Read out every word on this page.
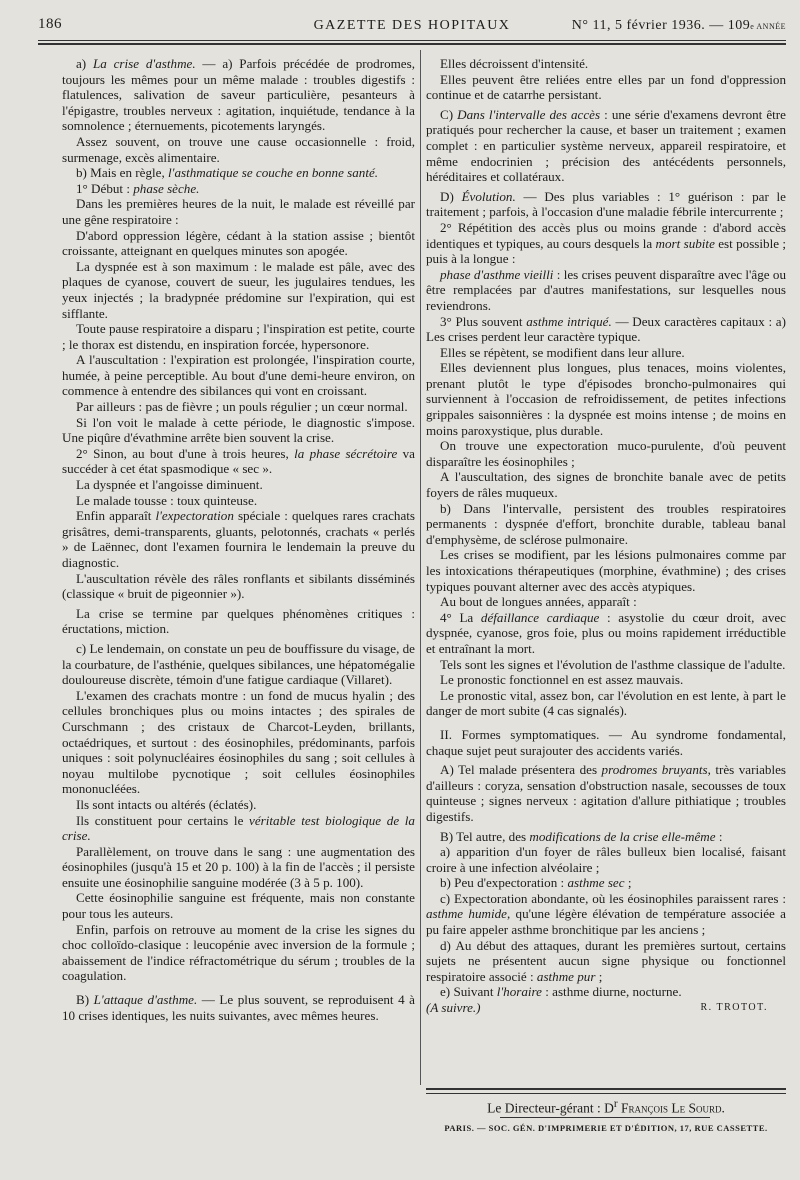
186	GAZETTE DES HOPITAUX	N° 11, 5 février 1936. — 109e ANNÉE

a) La crise d'asthme. — a) Parfois précédée de prodromes, toujours les mêmes pour un même malade : troubles digestifs : flatulences, salivation de saveur particulière, pesanteurs à l'épigastre, troubles nerveux : agitation, inquiétude, tendance à la somnolence ; éternuements, picotements laryngés.

Assez souvent, on trouve une cause occasionnelle : froid, surmenage, excès alimentaire.

b) Mais en règle, l'asthmatique se couche en bonne santé.

1° Début : phase sèche.

Dans les premières heures de la nuit, le malade est réveillé par une gêne respiratoire :

D'abord oppression légère, cédant à la station assise ; bientôt croissante, atteignant en quelques minutes son apogée.

La dyspnée est à son maximum : le malade est pâle, avec des plaques de cyanose, couvert de sueur, les jugulaires tendues, les yeux injectés ; la bradypnée prédomine sur l'expiration, qui est sifflante.

Toute pause respiratoire a disparu ; l'inspiration est petite, courte ; le thorax est distendu, en inspiration forcée, hypersonore.

A l'auscultation : l'expiration est prolongée, l'inspiration courte, humée, à peine perceptible. Au bout d'une demi-heure environ, on commence à entendre des sibilances qui vont en croissant.

Par ailleurs : pas de fièvre ; un pouls régulier ; un cœur normal.

Si l'on voit le malade à cette période, le diagnostic s'impose. Une piqûre d'évathmine arrête bien souvent la crise.

2° Sinon, au bout d'une à trois heures, la phase sécrétoire va succéder à cet état spasmodique « sec ».

La dyspnée et l'angoisse diminuent.

Le malade tousse : toux quinteuse.

Enfin apparaît l'expectoration spéciale : quelques rares crachats grisâtres, demi-transparents, gluants, pelotonnés, crachats « perlés » de Laënnec, dont l'examen fournira le lendemain la preuve du diagnostic.

L'auscultation révèle des râles ronflants et sibilants disséminés (classique « bruit de pigeonnier »).

La crise se termine par quelques phénomènes critiques : éructations, miction.

c) Le lendemain, on constate un peu de bouffissure du visage, de la courbature, de l'asthénie, quelques sibilances, une hépatomégalie douloureuse discrète, témoin d'une fatigue cardiaque (Villaret).

L'examen des crachats montre : un fond de mucus hyalin ; des cellules bronchiques plus ou moins intactes ; des spirales de Curschmann ; des cristaux de Charcot-Leyden, brillants, octaédriques, et surtout : des éosinophiles, prédominants, parfois uniques : soit polynucléaires éosinophiles du sang ; soit cellules à noyau multilobe pycnotique ; soit cellules éosinophiles mononucléées.

Ils sont intacts ou altérés (éclatés).

Ils constituent pour certains le véritable test biologique de la crise.

Parallèlement, on trouve dans le sang : une augmentation des éosinophiles (jusqu'à 15 et 20 p. 100) à la fin de l'accès ; il persiste ensuite une éosinophilie sanguine modérée (3 à 5 p. 100).

Cette éosinophilie sanguine est fréquente, mais non constante pour tous les auteurs.

Enfin, parfois on retrouve au moment de la crise les signes du choc colloïdo-clasique : leucopénie avec inversion de la formule ; abaissement de l'indice réfractométrique du sérum ; troubles de la coagulation.

B) L'attaque d'asthme. — Le plus souvent, se reproduisent 4 à 10 crises identiques, les nuits suivantes, avec mêmes heures.

Elles décroissent d'intensité.

Elles peuvent être reliées entre elles par un fond d'oppression continue et de catarrhe persistant.

C) Dans l'intervalle des accès : une série d'examens devront être pratiqués pour rechercher la cause, et baser un traitement ; examen complet : en particulier système nerveux, appareil respiratoire, et même endocrinien ; précision des antécédents personnels, héréditaires et collatéraux.

D) Évolution. — Des plus variables : 1° guérison : par le traitement ; parfois, à l'occasion d'une maladie fébrile intercurrente ;

2° Répétition des accès plus ou moins grande : d'abord accès identiques et typiques, au cours desquels la mort subite est possible ; puis à la longue :

phase d'asthme vieilli : les crises peuvent disparaître avec l'âge ou être remplacées par d'autres manifestations, sur lesquelles nous reviendrons.

3° Plus souvent asthme intriqué. — Deux caractères capitaux : a) Les crises perdent leur caractère typique.

Elles se répètent, se modifient dans leur allure.

Elles deviennent plus longues, plus tenaces, moins violentes, prenant plutôt le type d'épisodes broncho-pulmonaires qui surviennent à l'occasion de refroidissement, de petites infections grippales saisonnières : la dyspnée est moins intense ; de moins en moins paroxystique, plus durable.

On trouve une expectoration muco-purulente, d'où peuvent disparaître les éosinophiles ;

A l'auscultation, des signes de bronchite banale avec de petits foyers de râles muqueux.

b) Dans l'intervalle, persistent des troubles respiratoires permanents : dyspnée d'effort, bronchite durable, tableau banal d'emphysème, de sclérose pulmonaire.

Les crises se modifient, par les lésions pulmonaires comme par les intoxications thérapeutiques (morphine, évathmine) ; des crises typiques pouvant alterner avec des accès atypiques.

Au bout de longues années, apparaît :

4° La défaillance cardiaque : asystolie du cœur droit, avec dyspnée, cyanose, gros foie, plus ou moins rapidement irréductible et entraînant la mort.

Tels sont les signes et l'évolution de l'asthme classique de l'adulte.

Le pronostic fonctionnel en est assez mauvais.

Le pronostic vital, assez bon, car l'évolution en est lente, à part le danger de mort subite (4 cas signalés).

II. Formes symptomatiques. — Au syndrome fondamental, chaque sujet peut surajouter des accidents variés.

A) Tel malade présentera des prodromes bruyants, très variables d'ailleurs : coryza, sensation d'obstruction nasale, secousses de toux quinteuse ; signes nerveux : agitation d'allure pithiatique ; troubles digestifs.

B) Tel autre, des modifications de la crise elle-même :

a) apparition d'un foyer de râles bulleux bien localisé, faisant croire à une infection alvéolaire ;

b) Peu d'expectoration : asthme sec ;

c) Expectoration abondante, où les éosinophiles paraissent rares : asthme humide, qu'une légère élévation de température associée a pu faire appeler asthme bronchitique par les anciens ;

d) Au début des attaques, durant les premières surtout, certains sujets ne présentent aucun signe physique ou fonctionnel respiratoire associé : asthme pur ;

e) Suivant l'horaire : asthme diurne, nocturne.

(A suivre.)	R. TROTOT.
Le Directeur-gérant : $D^r$ François Le Sourd.
PARIS. — SOC. GÉN. D'IMPRIMERIE ET D'ÉDITION, 17, RUE CASSETTE.
